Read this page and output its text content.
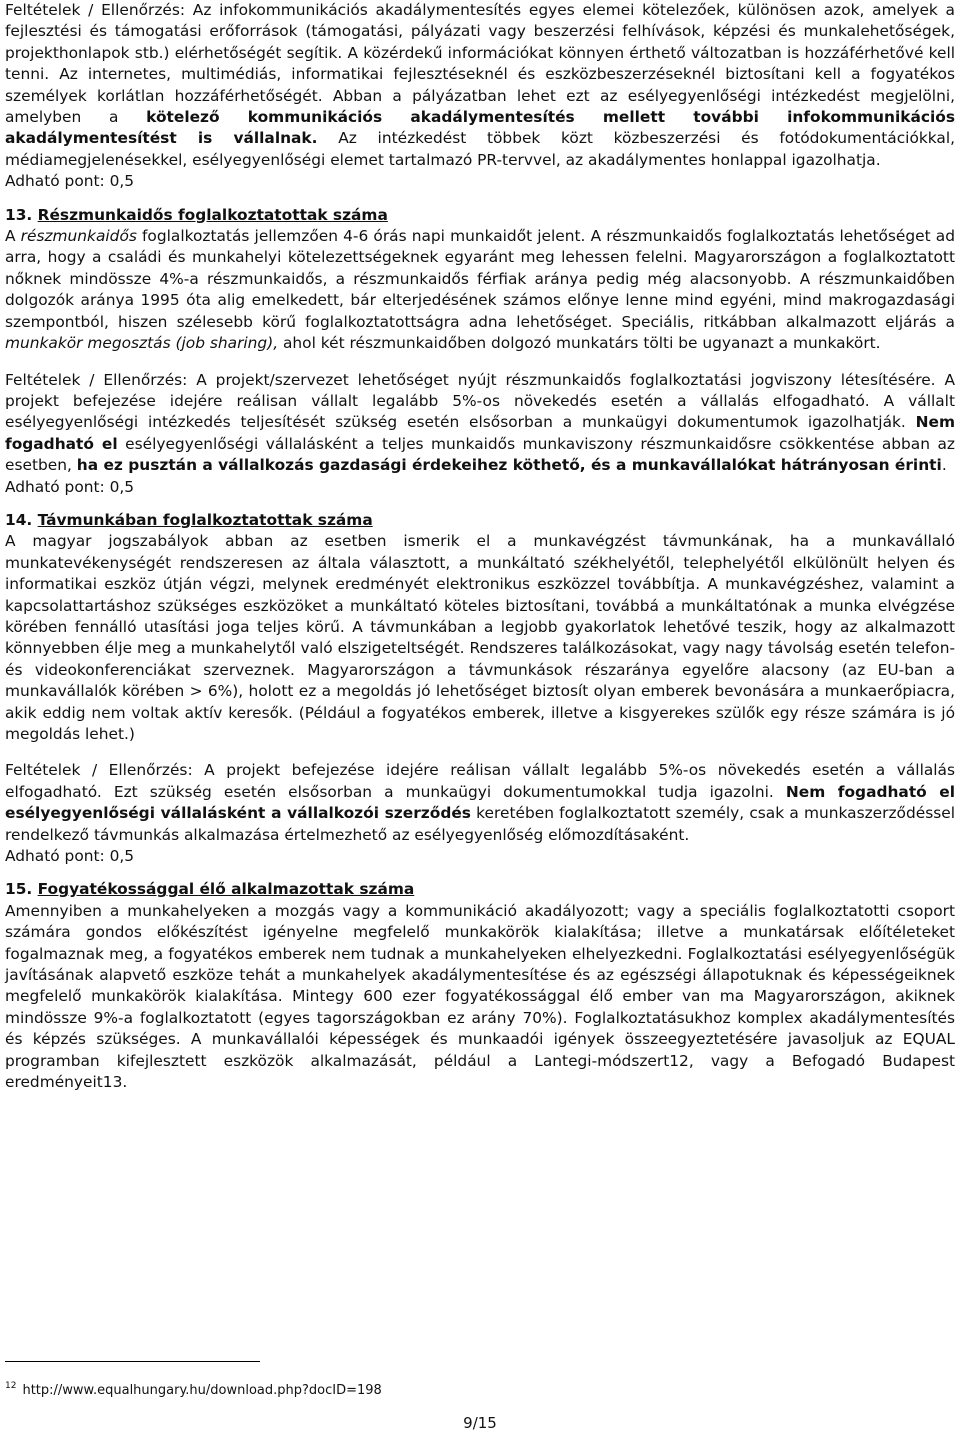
Feltételek / Ellenőrzés: Az infokommunikációs akadálymentesítés egyes elemei kötelezőek, különösen azok, amelyek a fejlesztési és támogatási erőforrások (támogatási, pályázati vagy beszerzési felhívások, képzési és munkalehetőségek, projekthonlapok stb.) elérhetőségét segítik. A közérdekű információkat könnyen érthető változatban is hozzáférhetővé kell tenni. Az internetes, multimédiás, informatikai fejlesztéseknél és eszközbeszerzéseknél biztosítani kell a fogyatékos személyek korlátlan hozzáférhetőségét. Abban a pályázatban lehet ezt az esélyegyenlőségi intézkedést megjelölni, amelyben a kötelező kommunikációs akadálymentesítés mellett további infokommunikációs akadálymentesítést is vállalnak. Az intézkedést többek közt közbeszerzési és fotódokumentációkkal, médiamegjelenésekkel, esélyegyenlőségi elemet tartalmazó PR-tervvel, az akadálymentes honlappal igazolhatja.

Adható pont: 0,5

13. Részmunkaidős foglalkoztatottak száma

A részmunkaidős foglalkoztatás jellemzően 4-6 órás napi munkaidőt jelent. A részmunkaidős foglalkoztatás lehetőséget ad arra, hogy a családi és munkahelyi kötelezettségeknek egyaránt meg lehessen felelni. Magyarországon a foglalkoztatott nőknek mindössze 4%-a részmunkaidős, a részmunkaidős férfiak aránya pedig még alacsonyobb. A részmunkaidőben dolgozók aránya 1995 óta alig emelkedett, bár elterjedésének számos előnye lenne mind egyéni, mind makrogazdasági szempontból, hiszen szélesebb körű foglalkoztatottságra adna lehetőséget. Speciális, ritkábban alkalmazott eljárás a munkakör megosztás (job sharing), ahol két részmunkaidőben dolgozó munkatárs tölti be ugyanazt a munkakört.

Feltételek / Ellenőrzés: A projekt/szervezet lehetőséget nyújt részmunkaidős foglalkoztatási jogviszony létesítésére. A projekt befejezése idejére reálisan vállalt legalább 5%-os növekedés esetén a vállalás elfogadható. A vállalt esélyegyenlőségi intézkedés teljesítését szükség esetén elsősorban a munkaügyi dokumentumok igazolhatják. Nem fogadható el esélyegyenlőségi vállalásként a teljes munkaidős munkaviszony részmunkaidősre csökkentése abban az esetben, ha ez pusztán a vállalkozás gazdasági érdekeihez köthető, és a munkavállalókat hátrányosan érinti.

Adható pont: 0,5

14. Távmunkában foglalkoztatottak száma

A magyar jogszabályok abban az esetben ismerik el a munkavégzést távmunkának, ha a munkavállaló munkatevékenységét rendszeresen az általa választott, a munkáltató székhelyétől, telephelyétől elkülönült helyen és informatikai eszköz útján végzi, melynek eredményét elektronikus eszközzel továbbítja. A munkavégzéshez, valamint a kapcsolattartáshoz szükséges eszközöket a munkáltató köteles biztosítani, továbbá a munkáltatónak a munka elvégzése körében fennálló utasítási joga teljes körű. A távmunkában a legjobb gyakorlatok lehetővé teszik, hogy az alkalmazott könnyebben élje meg a munkahelytől való elszigeteltségét. Rendszeres találkozásokat, vagy nagy távolság esetén telefon- és videokonferenciákat szerveznek. Magyarországon a távmunkások részaránya egyelőre alacsony (az EU-ban a munkavállalók körében > 6%), holott ez a megoldás jó lehetőséget biztosít olyan emberek bevonására a munkaerőpiacra, akik eddig nem voltak aktív keresők. (Például a fogyatékos emberek, illetve a kisgyerekes szülők egy része számára is jó megoldás lehet.)

Feltételek / Ellenőrzés: A projekt befejezése idejére reálisan vállalt legalább 5%-os növekedés esetén a vállalás elfogadható. Ezt szükség esetén elsősorban a munkaügyi dokumentumokkal tudja igazolni. Nem fogadható el esélyegyenlőségi vállalásként a vállalkozói szerződés keretében foglalkoztatott személy, csak a munkaszerződéssel rendelkező távmunkás alkalmazása értelmezhető az esélyegyenlőség előmozdításaként.

Adható pont: 0,5

15. Fogyatékossággal élő alkalmazottak száma

Amennyiben a munkahelyeken a mozgás vagy a kommunikáció akadályozott; vagy a speciális foglalkoztatotti csoport számára gondos előkészítést igényelne megfelelő munkakörök kialakítása; illetve a munkatársak előítéleteket fogalmaznak meg, a fogyatékos emberek nem tudnak a munkahelyeken elhelyezkedni. Foglalkoztatási esélyegyenlőségük javításának alapvető eszköze tehát a munkahelyek akadálymentesítése és az egészségi állapotuknak és képességeiknek megfelelő munkakörök kialakítása. Mintegy 600 ezer fogyatékossággal élő ember van ma Magyarországon, akiknek mindössze 9%-a foglalkoztatott (egyes tagországokban ez arány 70%). Foglalkoztatásukhoz komplex akadálymentesítés és képzés szükséges. A munkavállalói képességek és munkaadói igények összeegyeztetésére javasoljuk az EQUAL programban kifejlesztett eszközök alkalmazását, például a Lantegi-módszert12, vagy a Befogadó Budapest eredményeit13.

$^{12}$ http://www.equalhungary.hu/download.php?docID=198
9/15
